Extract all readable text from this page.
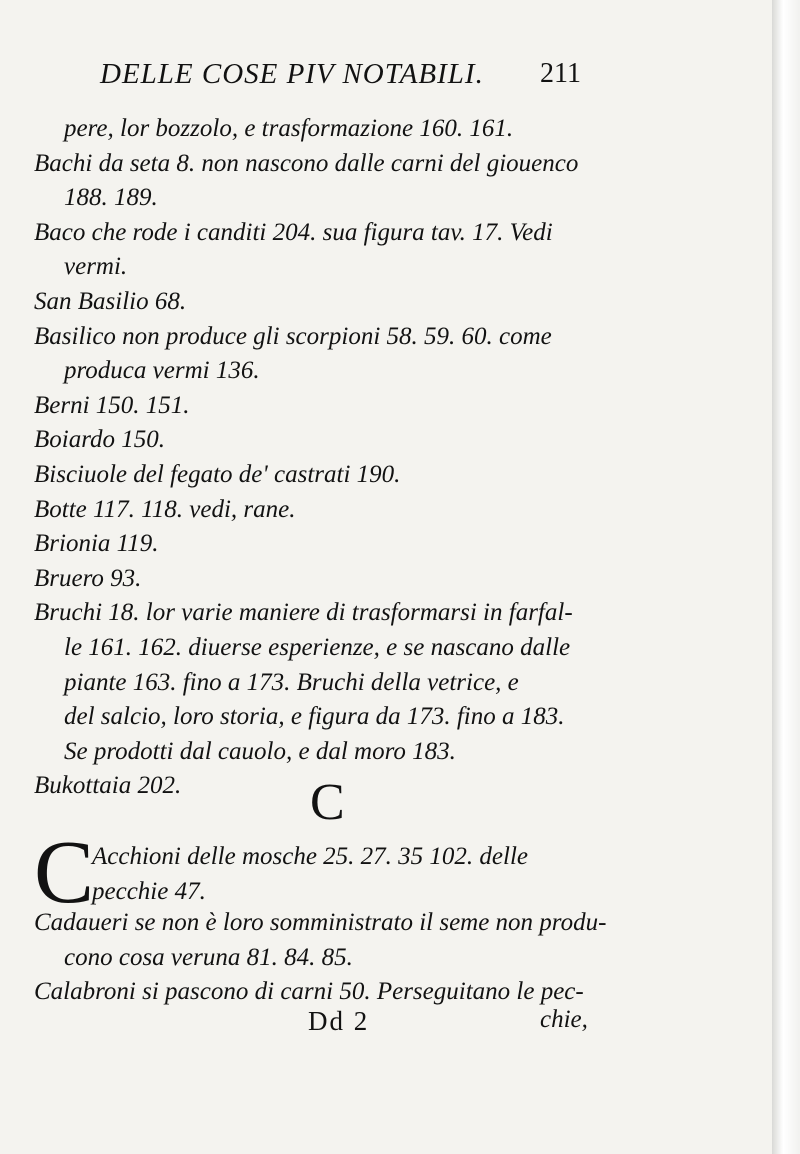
DELLE COSE PIV NOTABILI. 211
pere, lor bozzolo, e trasformazione 160. 161.
Bachi da seta 8. non nascono dalle carni del giouenco
188. 189.
Baco che rode i canditi 204. sua figura tav. 17. Vedi
vermi.
San Basilio 68.
Basilico non produce gli scorpioni 58. 59. 60. come
produca vermi 136.
Berni 150. 151.
Boiardo 150.
Bisciuole del fegato de' castrati 190.
Botte 117. 118. vedi, rane.
Brionia 119.
Bruero 93.
Bruchi 18. lor varie maniere di trasformarsi in farfal-
le 161. 162. diuerse esperienze, e se nascano dalle
piante 163. fino a 173. Bruchi della vetrice, e
del salcio, loro storia, e figura da 173. fino a 183.
Se prodotti dal cauolo, e dal moro 183.
Bukottaia 202.	C
C
Acchioni delle mosche 25. 27. 35 102. delle
pecchie 47.
Cadaueri se non è loro somministrato il seme non produ-
cono cosa veruna 81. 84. 85.
Calabroni si pascono di carni 50. Perseguitano le pec-
Dd 2	chie,
